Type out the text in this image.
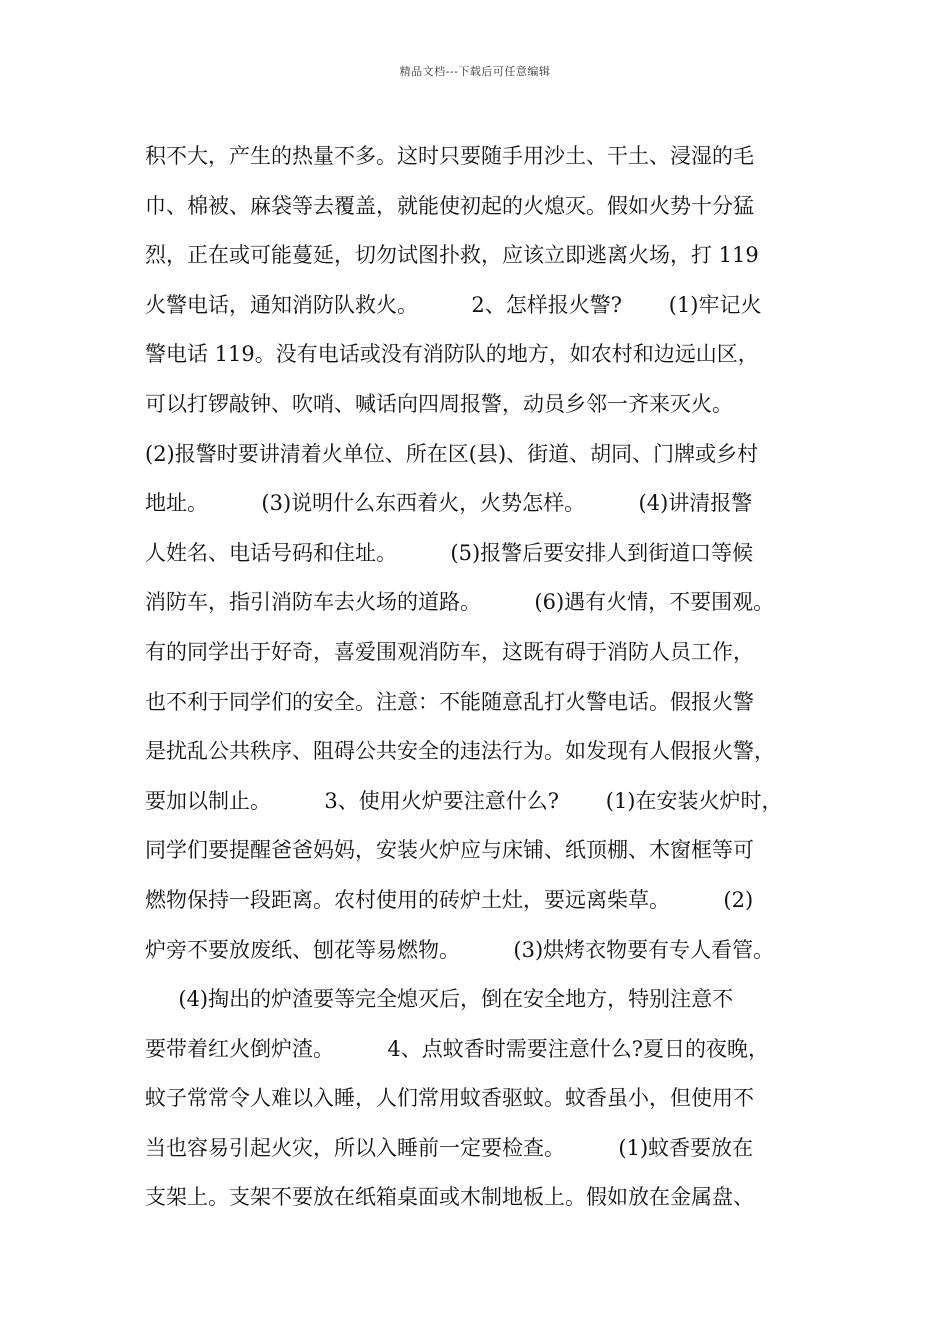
精品文档---下载后可任意编辑
积不大，产生的热量不多。这时只要随手用沙土、干土、浸湿的毛
巾、棉被、麻袋等去覆盖，就能使初起的火熄灭。假如火势十分猛
烈，正在或可能蔓延，切勿试图扑救，应该立即逃离火场，打 119
火警电话，通知消防队救火。        2、怎样报火警?       (1)牢记火
警电话 119。没有电话或没有消防队的地方，如农村和边远山区，
可以打锣敲钟、吹哨、喊话向四周报警，动员乡邻一齐来灭火。
(2)报警时要讲清着火单位、所在区(县)、街道、胡同、门牌或乡村
地址。        (3)说明什么东西着火，火势怎样。        (4)讲清报警
人姓名、电话号码和住址。        (5)报警后要安排人到街道口等候
消防车，指引消防车去火场的道路。        (6)遇有火情，不要围观。
有的同学出于好奇，喜爱围观消防车，这既有碍于消防人员工作，
也不利于同学们的安全。注意：不能随意乱打火警电话。假报火警
是扰乱公共秩序、阻碍公共安全的违法行为。如发现有人假报火警，
要加以制止。        3、使用火炉要注意什么?       (1)在安装火炉时，
同学们要提醒爸爸妈妈，安装火炉应与床铺、纸顶棚、木窗框等可
燃物保持一段距离。农村使用的砖炉土灶，要远离柴草。        (2)
炉旁不要放废纸、刨花等易燃物。        (3)烘烤衣物要有专人看管。
(4)掏出的炉渣要等完全熄灭后，倒在安全地方，特别注意不
要带着红火倒炉渣。        4、点蚊香时需要注意什么?夏日的夜晚，
蚊子常常令人难以入睡，人们常用蚊香驱蚊。蚊香虽小，但使用不
当也容易引起火灾，所以入睡前一定要检查。        (1)蚊香要放在
支架上。支架不要放在纸箱桌面或木制地板上。假如放在金属盘、
